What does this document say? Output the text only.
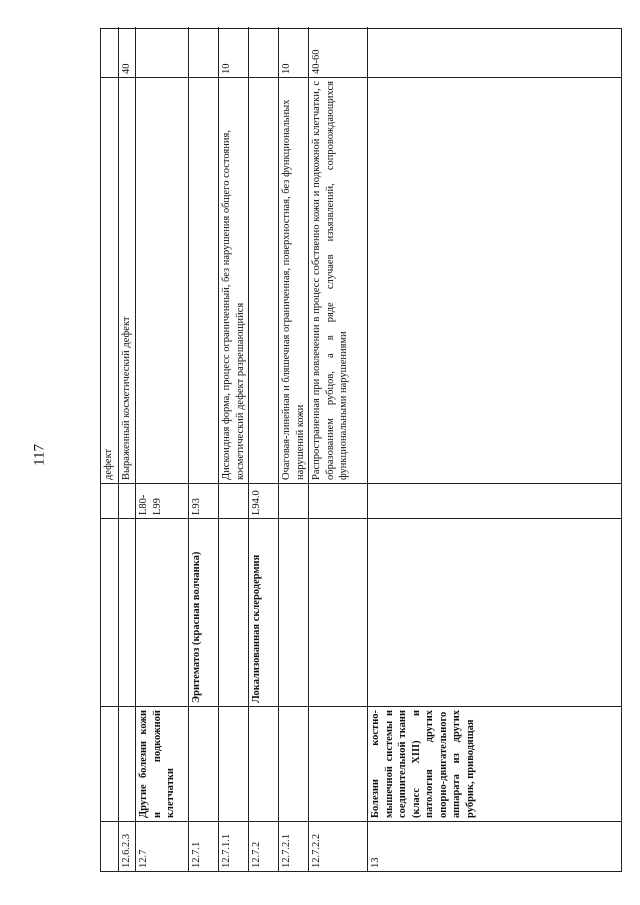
117	дефект
12.6.2.3
Выраженный косметический дефект
40
12.7
Другие болезни кожи и подкожной клетчатки
L80-L99
12.7.1
Эритематоз (красная волчанка)
L93
12.7.1.1
Дискоидная форма, процесс ограниченный, без нарушения общего состояния, косметический дефект разрешающийся
10
12.7.2
Локализованная склеродермия
L94.0
12.7.2.1
Очаговая-линейная и бляшечная ограниченная, поверхностная, без функциональных нарушений кожи
10
12.7.2.2
Распространенная при вовлечении в процесс собственно кожи и подкожной клетчатки, с образованием рубцов, а в ряде случаев изъязвлений, сопровождающихся функциональными нарушениями
40-60
13
Болезни костно-мышечной системы и соединительной ткани (класс XIII) и патология других опорно-двигательного аппарата из других рубрик, приводящая
